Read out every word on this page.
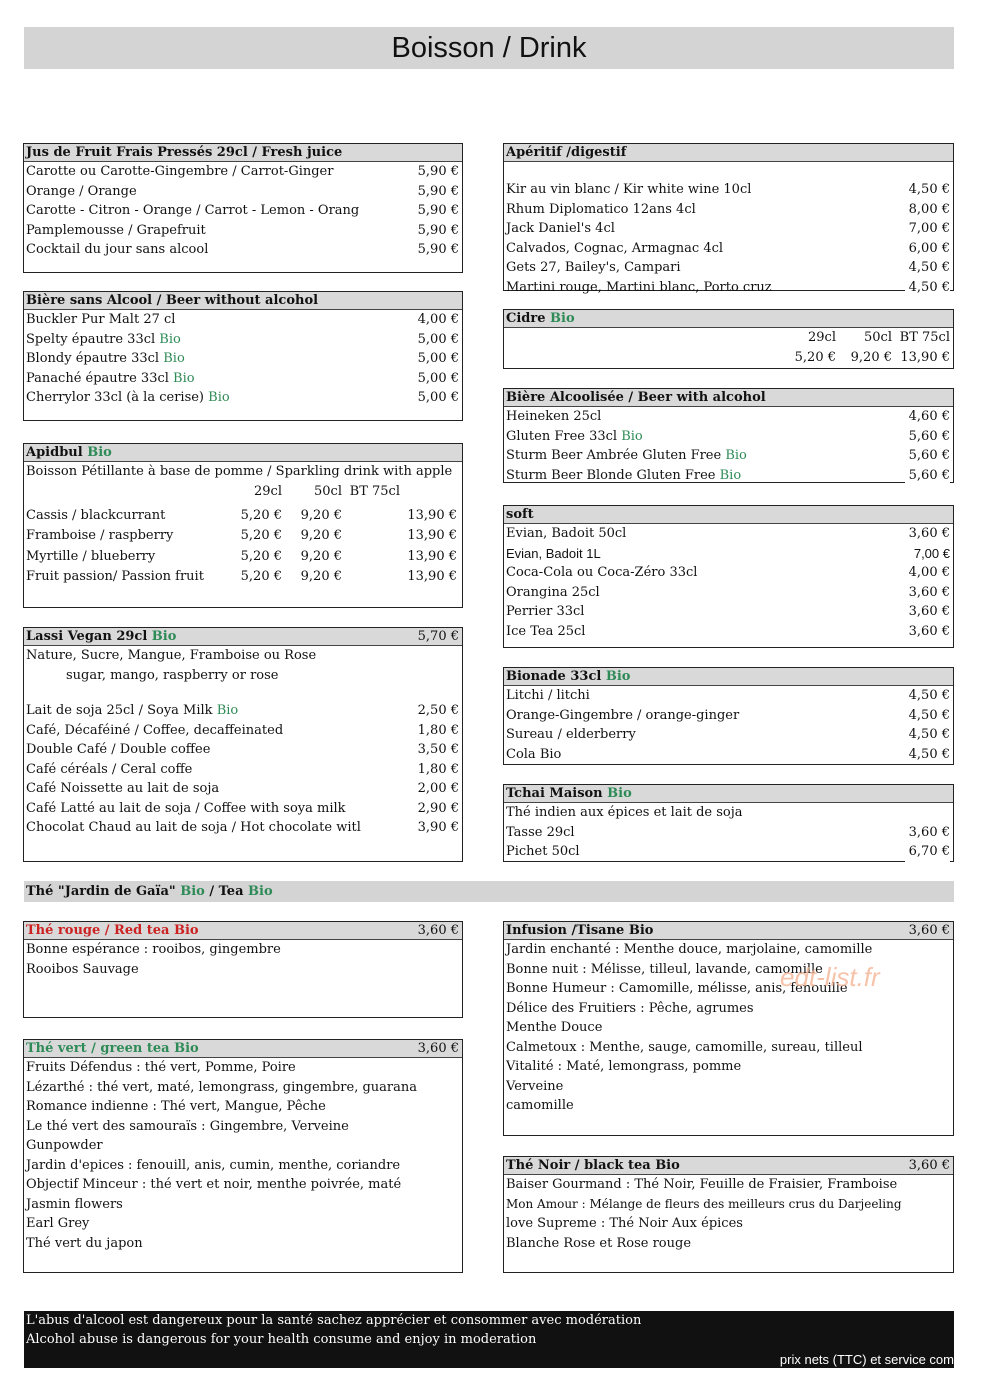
Boisson / Drink
Jus de Fruit Frais Pressés 29cl / Fresh juice
Carotte ou Carotte-Gingembre / Carrot-Ginger	5,90 €
Orange / Orange	5,90 €
Carotte - Citron - Orange / Carrot - Lemon - Orang	5,90 €
Pamplemousse / Grapefruit	5,90 €
Cocktail du jour sans alcool	5,90 €
Bière sans Alcool / Beer without alcohol
Buckler Pur Malt 27 cl	4,00 €
Spelty épautre 33cl Bio	5,00 €
Blondy épautre 33cl Bio	5,00 €
Panaché épautre 33cl Bio	5,00 €
Cherrylor 33cl (à la cerise) Bio	5,00 €
Apidbul Bio
Boisson Pétillante à base de pomme / Sparkling drink with apple
29cl	50cl BT 75cl
Cassis / blackcurrant	5,20 €	9,20 €	13,90 €
Framboise / raspberry	5,20 €	9,20 €	13,90 €
Myrtille / blueberry	5,20 €	9,20 €	13,90 €
Fruit passion/ Passion fruit	5,20 €	9,20 €	13,90 €
Lassi Vegan 29cl Bio	5,70 €
Nature, Sucre, Mangue, Framboise ou Rose
sugar, mango, raspberry or rose
Lait de soja 25cl / Soya Milk Bio	2,50 €
Café, Décaféiné / Coffee, decaffeinated	1,80 €
Double Café / Double coffee	3,50 €
Café céréals / Ceral coffe	1,80 €
Café Noissette au lait de soja	2,00 €
Café Latté au lait de soja / Coffee with soya milk	2,90 €
Chocolat Chaud au lait de soja / Hot chocolate witl	3,90 €
Apéritif /digestif
Kir au vin blanc / Kir white wine 10cl	4,50 €
Rhum Diplomatico 12ans 4cl	8,00 €
Jack Daniel's 4cl	7,00 €
Calvados, Cognac, Armagnac 4cl	6,00 €
Gets 27, Bailey's, Campari	4,50 €
Martini rouge, Martini blanc, Porto cruz	4,50 €
Cidre Bio
29cl	50cl BT 75cl
5,20 €	9,20 € 13,90 €
Bière Alcoolisée / Beer with alcohol
Heineken 25cl	4,60 €
Gluten Free 33cl Bio	5,60 €
Sturm Beer Ambrée Gluten Free Bio	5,60 €
Sturm Beer Blonde Gluten Free Bio	5,60 €
soft
Evian, Badoit 50cl	3,60 €
Evian, Badoit 1L	7,00 €
Coca-Cola ou Coca-Zéro 33cl	4,00 €
Orangina 25cl	3,60 €
Perrier 33cl	3,60 €
Ice Tea 25cl	3,60 €
Bionade 33cl Bio
Litchi / litchi	4,50 €
Orange-Gingembre / orange-ginger	4,50 €
Sureau / elderberry	4,50 €
Cola Bio	4,50 €
Tchai Maison Bio
Thé indien aux épices et lait de soja
Tasse 29cl	3,60 €
Pichet 50cl	6,70 €
Thé "Jardin de Gaïa" Bio / Tea Bio
Thé rouge / Red tea Bio	3,60 €
Bonne espérance : rooibos, gingembre
Rooibos Sauvage
Thé vert / green tea Bio	3,60 €
Fruits Défendus : thé vert, Pomme, Poire
Lézarthé : thé vert, maté, lemongrass, gingembre, guarana
Romance indienne : Thé vert, Mangue, Pêche
Le thé vert des samouraïs : Gingembre, Verveine
Gunpowder
Jardin d'epices : fenouill, anis, cumin, menthe, coriandre
Objectif Minceur : thé vert et noir, menthe poivrée, maté
Jasmin flowers
Earl Grey
Thé vert du japon
Infusion /Tisane Bio	3,60 €
Jardin enchanté : Menthe douce, marjolaine, camomille
Bonne nuit : Mélisse, tilleul, lavande, camomille
Bonne Humeur : Camomille, mélisse, anis, fenouille
Délice des Fruitiers : Pêche, agrumes
Menthe Douce
Calmetoux : Menthe, sauge, camomille, sureau, tilleul
Vitalité : Maté, lemongrass, pomme
Verveine
camomille
Thé Noir / black tea Bio	3,60 €
Baiser Gourmand : Thé Noir, Feuille de Fraisier, Framboise
Mon Amour : Mélange de fleurs des meilleurs crus du Darjeeling
love Supreme : Thé Noir Aux épices
Blanche Rose et Rose rouge
edt-list.fr
L'abus d'alcool est dangereux pour la santé sachez apprécier et consommer avec modération
Alcohol abuse is dangerous for your health consume and enjoy in moderation
prix nets (TTC) et service com
